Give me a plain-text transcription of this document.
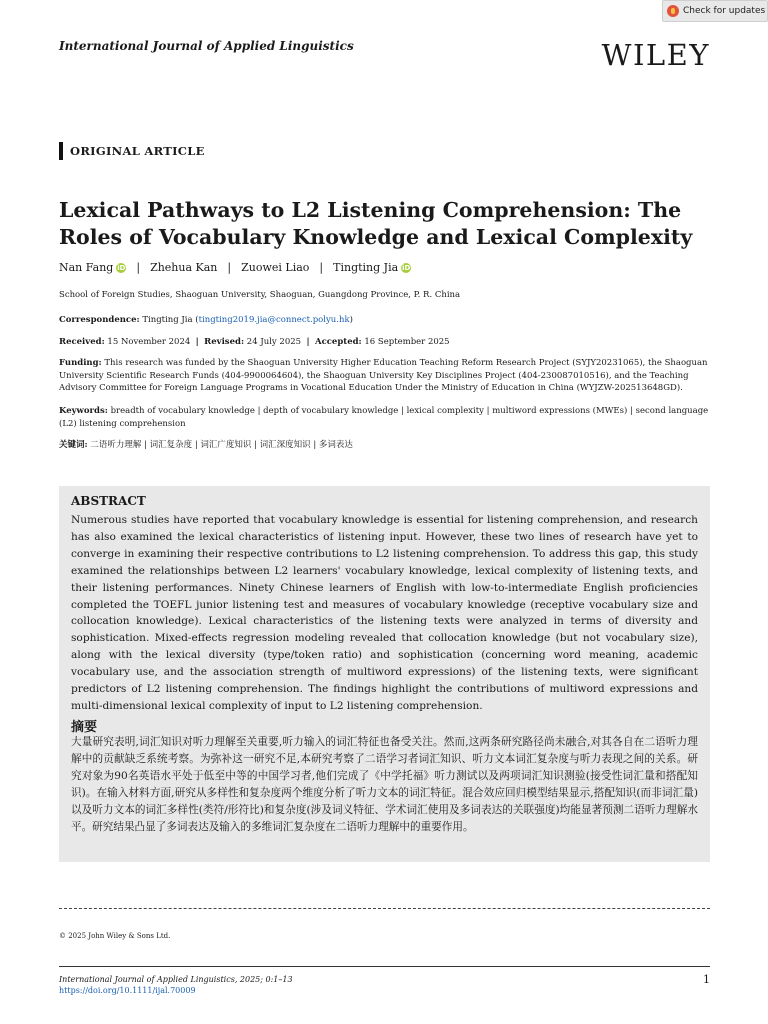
Check for updates
International Journal of Applied Linguistics	WILEY
ORIGINAL ARTICLE
Lexical Pathways to L2 Listening Comprehension: The Roles of Vocabulary Knowledge and Lexical Complexity
Nan Fang iD | Zhehua Kan | Zuowei Liao | Tingting Jia iD
School of Foreign Studies, Shaoguan University, Shaoguan, Guangdong Province, P. R. China
Correspondence: Tingting Jia (tingting2019.jia@connect.polyu.hk)
Received: 15 November 2024 | Revised: 24 July 2025 | Accepted: 16 September 2025
Funding: This research was funded by the Shaoguan University Higher Education Teaching Reform Research Project (SYJY20231065), the Shaoguan University Scientific Research Funds (404-9900064604), the Shaoguan University Key Disciplines Project (404-230087010516), and the Teaching Advisory Committee for Foreign Language Programs in Vocational Education Under the Ministry of Education in China (WYJZW-202513648GD).
Keywords: breadth of vocabulary knowledge | depth of vocabulary knowledge | lexical complexity | multiword expressions (MWEs) | second language (L2) listening comprehension
关键词: 二语听力理解 | 词汇复杂度 | 词汇广度知识 | 词汇深度知识 | 多词表达
ABSTRACT
Numerous studies have reported that vocabulary knowledge is essential for listening comprehension, and research has also examined the lexical characteristics of listening input. However, these two lines of research have yet to converge in examining their respective contributions to L2 listening comprehension. To address this gap, this study examined the relationships between L2 learners' vocabulary knowledge, lexical complexity of listening texts, and their listening performances. Ninety Chinese learners of English with low-to-intermediate English proficiencies completed the TOEFL junior listening test and measures of vocabulary knowledge (receptive vocabulary size and collocation knowledge). Lexical characteristics of the listening texts were analyzed in terms of diversity and sophistication. Mixed-effects regression modeling revealed that collocation knowledge (but not vocabulary size), along with the lexical diversity (type/token ratio) and sophistication (concerning word meaning, academic vocabulary use, and the association strength of multiword expressions) of the listening texts, were significant predictors of L2 listening comprehension. The findings highlight the contributions of multiword expressions and multi-dimensional lexical complexity of input to L2 listening comprehension.
摘要
大量研究表明,词汇知识对听力理解至关重要,听力输入的词汇特征也备受关注。然而,这两条研究路径尚未融合,对其各自在二语听力理解中的贡献缺乏系统考察。为弥补这一研究不足,本研究考察了二语学习者词汇知识、听力文本词汇复杂度与听力表现之间的关系。研究对象为90名英语水平处于低至中等的中国学习者,他们完成了《中学托福》听力测试以及两项词汇知识测验(接受性词汇量和搭配知识)。在输入材料方面,研究从多样性和复杂度两个维度分析了听力文本的词汇特征。混合效应回归模型结果显示,搭配知识(而非词汇量)以及听力文本的词汇多样性(类符/形符比)和复杂度(涉及词义特征、学术词汇使用及多词表达的关联强度)均能显著预测二语听力理解水平。研究结果凸显了多词表达及输入的多维词汇复杂度在二语听力理解中的重要作用。
© 2025 John Wiley & Sons Ltd.
International Journal of Applied Linguistics, 2025; 0:1–13
https://doi.org/10.1111/ijal.70009
1
